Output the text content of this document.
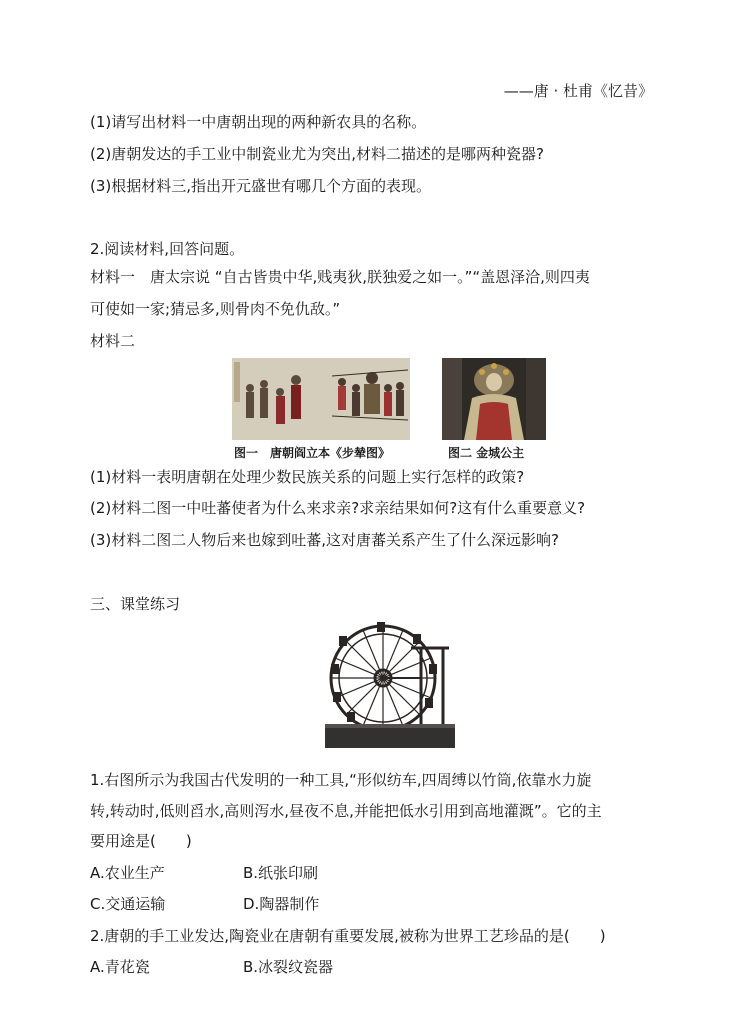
——唐 · 杜甫《忆昔》
(1)请写出材料一中唐朝出现的两种新农具的名称。
(2)唐朝发达的手工业中制瓷业尤为突出,材料二描述的是哪两种瓷器?
(3)根据材料三,指出开元盛世有哪几个方面的表现。
2.阅读材料,回答问题。
材料一　唐太宗说 “自古皆贵中华,贱夷狄,朕独爱之如一。”“盖恩泽洽,则四夷
可使如一家;猜忌多,则骨肉不免仇敌。”
材料二
图一　唐朝阎立本《步辇图》	图二 金城公主
(1)材料一表明唐朝在处理少数民族关系的问题上实行怎样的政策?
(2)材料二图一中吐蕃使者为什么来求亲?求亲结果如何?这有什么重要意义?
(3)材料二图二人物后来也嫁到吐蕃,这对唐蕃关系产生了什么深远影响?
三、课堂练习
1.右图所示为我国古代发明的一种工具,“形似纺车,四周缚以竹筒,依靠水力旋
转,转动时,低则舀水,高则泻水,昼夜不息,并能把低水引用到高地灌溉”。它的主
要用途是(　　)
A.农业生产	B.纸张印刷
C.交通运输	D.陶器制作
2.唐朝的手工业发达,陶瓷业在唐朝有重要发展,被称为世界工艺珍品的是(　　)
A.青花瓷	B.冰裂纹瓷器
